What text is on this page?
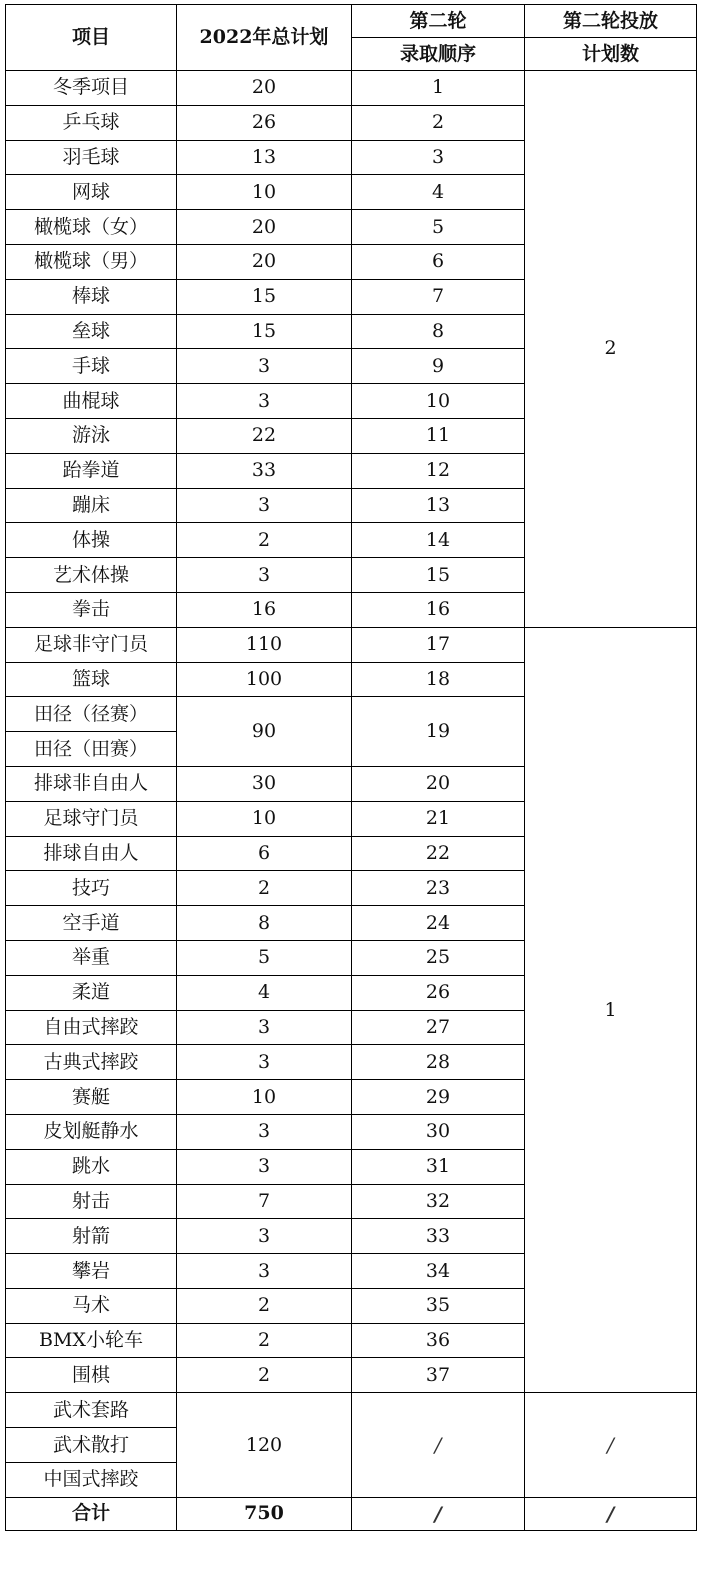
项目	2022年总计划	第二轮	第二轮投放
		录取顺序	计划数
冬季项目	20	1	2
乒乓球	26	2	
羽毛球	13	3	
网球	10	4	
橄榄球（女）	20	5	
橄榄球（男）	20	6	
棒球	15	7	
垒球	15	8	
手球	3	9	
曲棍球	3	10	
游泳	22	11	
跆拳道	33	12	
蹦床	3	13	
体操	2	14	
艺术体操	3	15	
拳击	16	16	
足球非守门员	110	17	1
篮球	100	18	
田径（径赛）	90	19	
田径（田赛）			
排球非自由人	30	20	
足球守门员	10	21	
排球自由人	6	22	
技巧	2	23	
空手道	8	24	
举重	5	25	
柔道	4	26	
自由式摔跤	3	27	
古典式摔跤	3	28	
赛艇	10	29	
皮划艇静水	3	30	
跳水	3	31	
射击	7	32	
射箭	3	33	
攀岩	3	34	
马术	2	35	
BMX小轮车	2	36	
围棋	2	37	
武术套路	120	/	/
武术散打			
中国式摔跤			
合计	750	/	/
